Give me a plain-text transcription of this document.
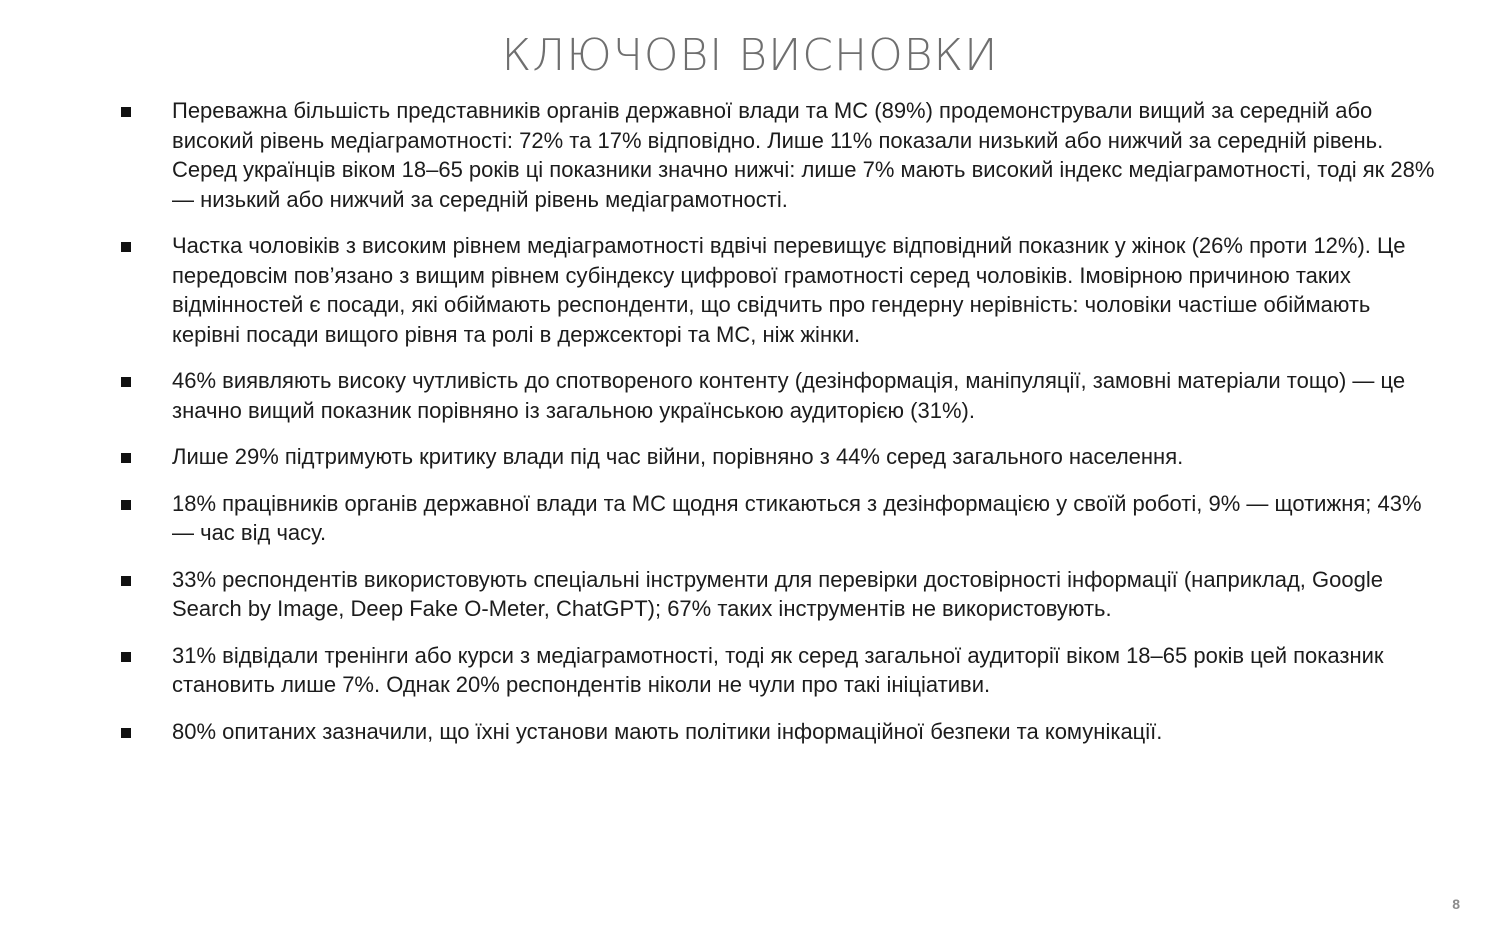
КЛЮЧОВІ ВИСНОВКИ
Переважна більшість представників органів державної влади та МС (89%) продемонстрували вищий за середній або високий рівень медіаграмотності: 72% та 17% відповідно. Лише 11% показали низький або нижчий за середній рівень. Серед українців віком 18–65 років ці показники значно нижчі: лише 7% мають високий індекс медіаграмотності, тоді як 28% — низький або нижчий за середній рівень медіаграмотності.
Частка чоловіків з високим рівнем медіаграмотності вдвічі перевищує відповідний показник у жінок (26% проти 12%). Це передовсім пов’язано з вищим рівнем субіндексу цифрової грамотності серед чоловіків. Імовірною причиною таких відмінностей є посади, які обіймають респонденти, що свідчить про гендерну нерівність: чоловіки частіше обіймають керівні посади вищого рівня та ролі в держсекторі та МС, ніж жінки.
46% виявляють високу чутливість до спотвореного контенту (дезінформація, маніпуляції, замовні матеріали тощо) — це значно вищий показник порівняно із загальною українською аудиторією (31%).
Лише 29% підтримують критику влади під час війни, порівняно з 44% серед загального населення.
18% працівників органів державної влади та МС щодня стикаються з дезінформацією у своїй роботі, 9% — щотижня; 43% — час від часу.
33% респондентів використовують спеціальні інструменти для перевірки достовірності інформації (наприклад, Google Search by Image, Deep Fake O-Meter, ChatGPT); 67% таких інструментів не використовують.
31% відвідали тренінги або курси з медіаграмотності, тоді як серед загальної аудиторії віком 18–65 років цей показник становить лише 7%. Однак 20% респондентів ніколи не чули про такі ініціативи.
80% опитаних зазначили, що їхні установи мають політики інформаційної безпеки та комунікації.
8
